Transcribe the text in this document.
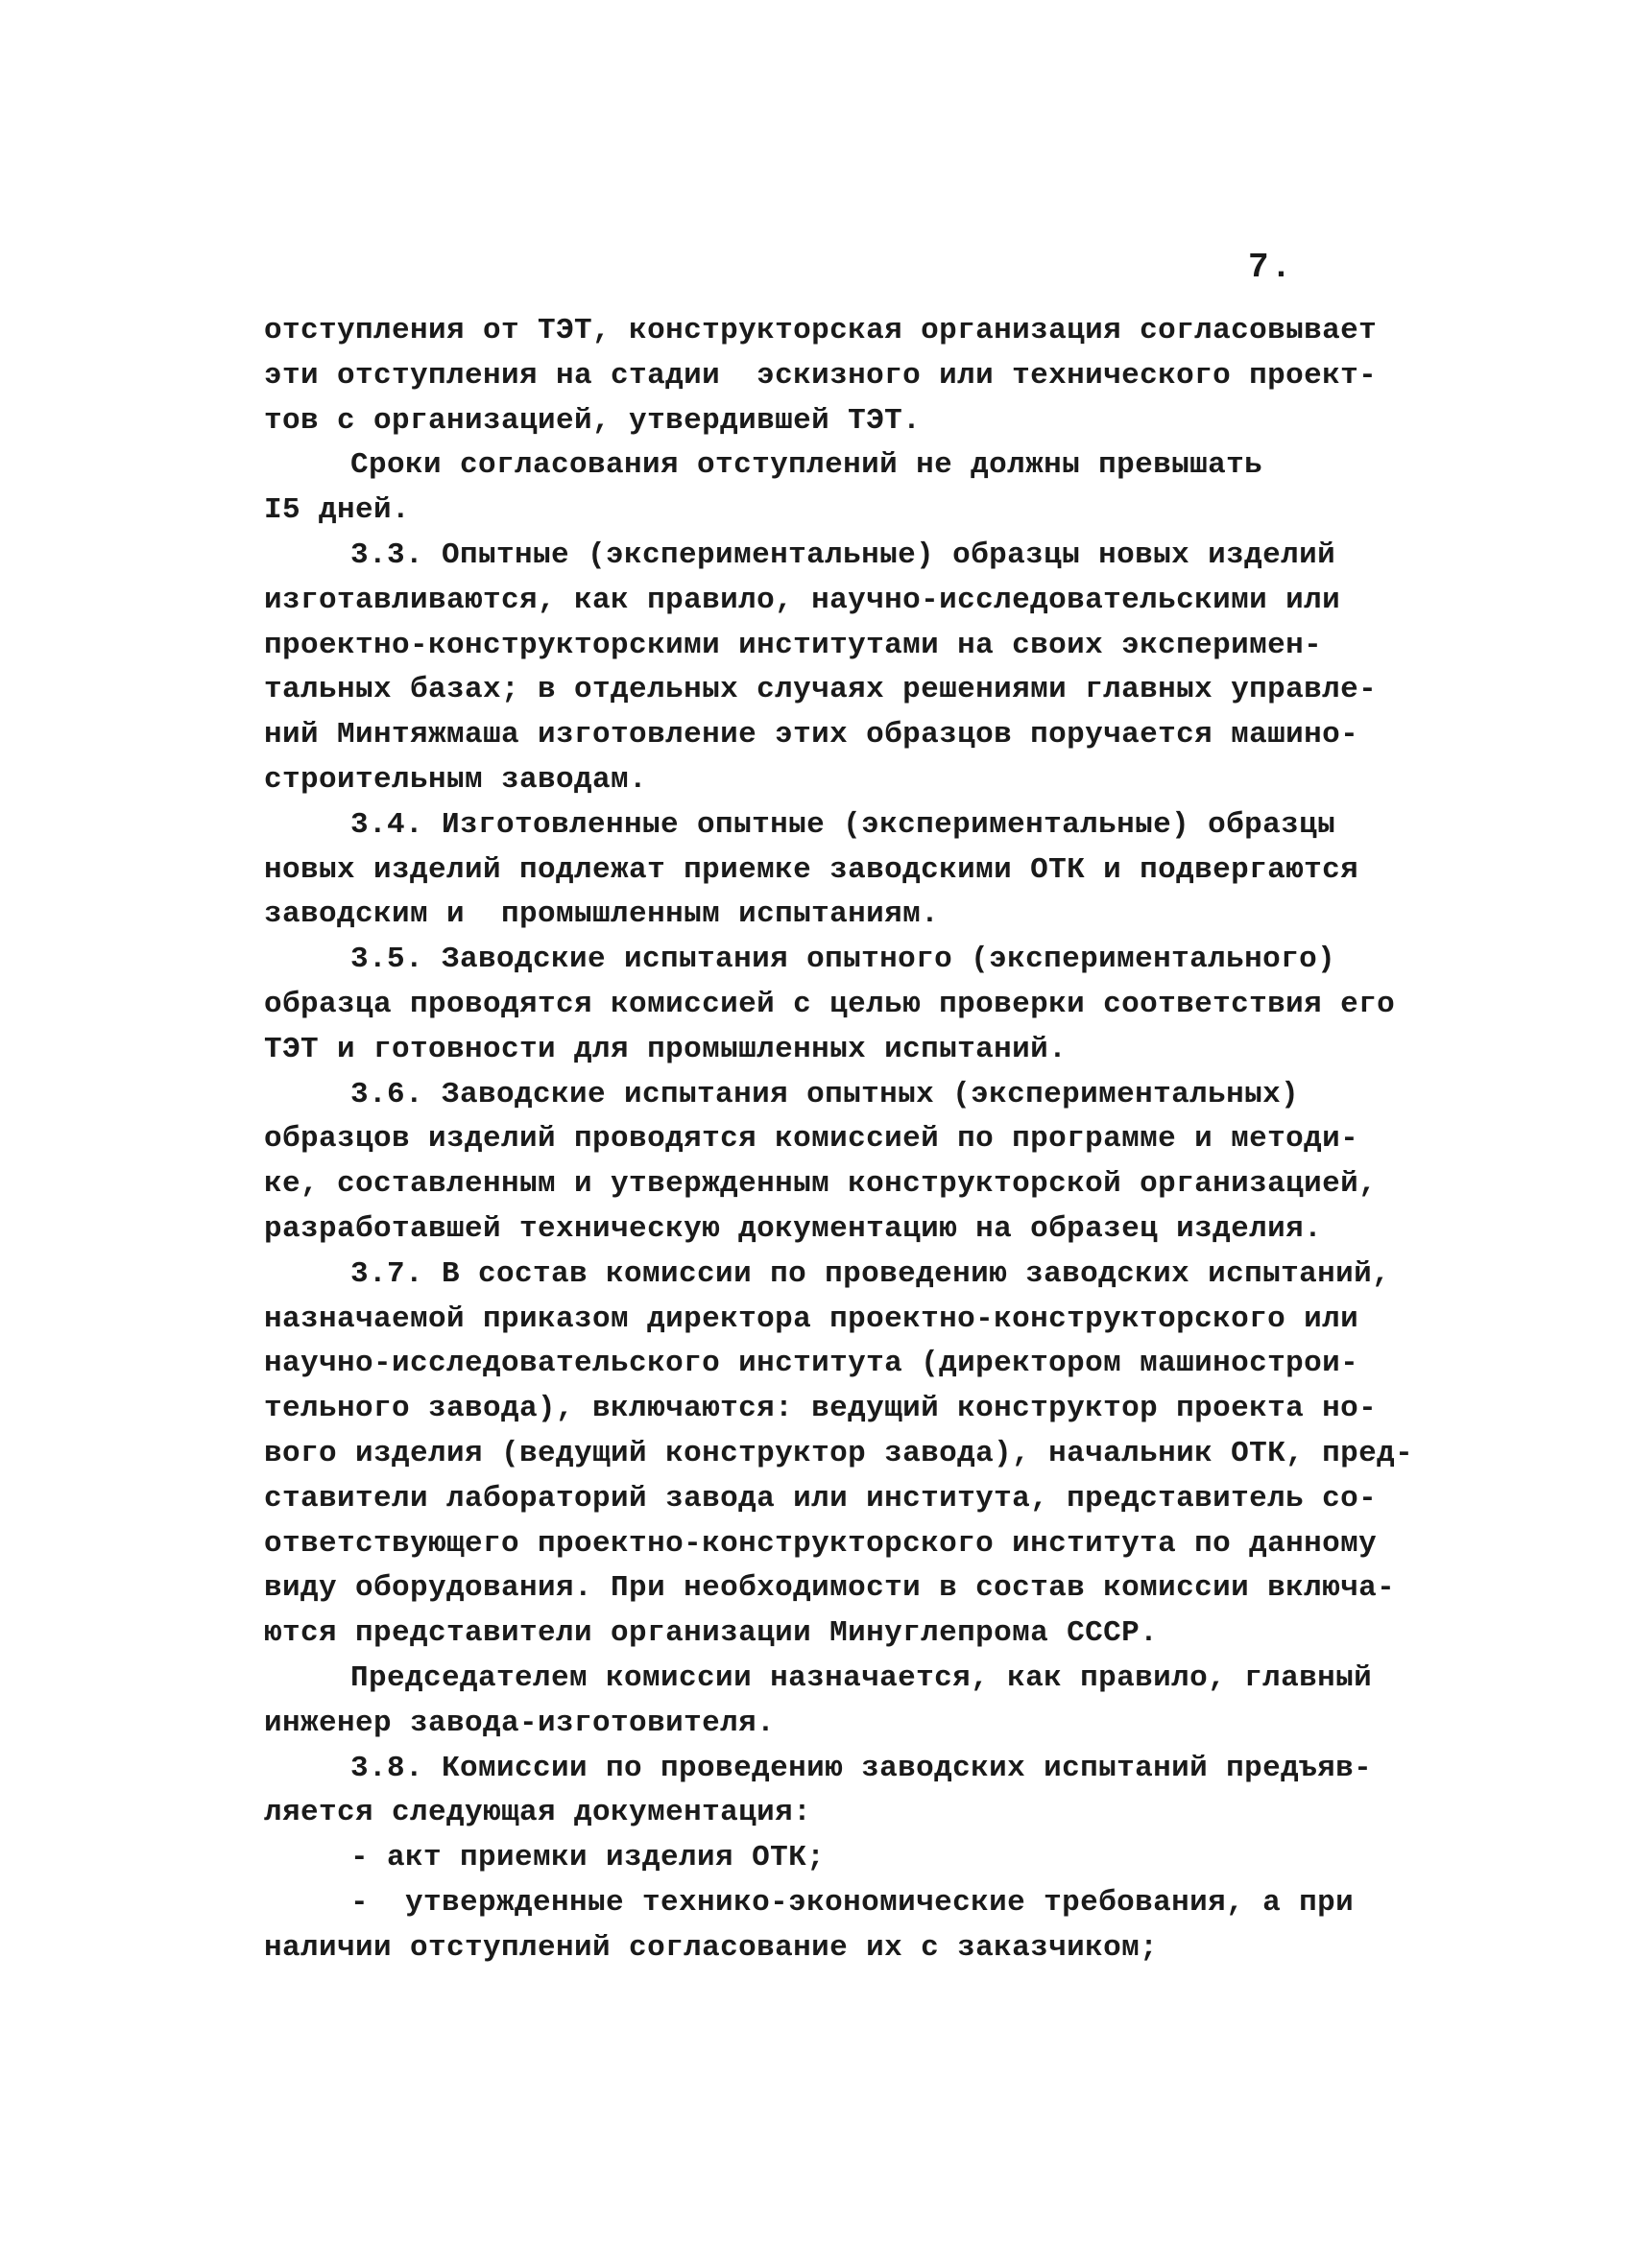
7.
отступления от ТЭТ, конструкторская организация согласовывает
эти отступления на стадии  эскизного или технического проект-
тов с организацией, утвердившей ТЭТ.
Сроки согласования отступлений не должны превышать
I5 дней.
3.3. Опытные (экспериментальные) образцы новых изделий
изготавливаются, как правило, научно-исследовательскими или
проектно-конструкторскими институтами на своих эксперимен-
тальных базах; в отдельных случаях решениями главных управле-
ний Минтяжмаша изготовление этих образцов поручается машино-
строительным заводам.
3.4. Изготовленные опытные (экспериментальные) образцы
новых изделий подлежат приемке заводскими ОТК и подвергаются
заводским и  промышленным испытаниям.
3.5. Заводские испытания опытного (экспериментального)
образца проводятся комиссией с целью проверки соответствия его
ТЭТ и готовности для промышленных испытаний.
3.6. Заводские испытания опытных (экспериментальных)
образцов изделий проводятся комиссией по программе и методи-
ке, составленным и утвержденным конструкторской организацией,
разработавшей техническую документацию на образец изделия.
3.7. В состав комиссии по проведению заводских испытаний,
назначаемой приказом директора проектно-конструкторского или
научно-исследовательского института (директором машинострои-
тельного завода), включаются: ведущий конструктор проекта но-
вого изделия (ведущий конструктор завода), начальник ОТК, пред-
ставители лабораторий завода или института, представитель со-
ответствующего проектно-конструкторского института по данному
виду оборудования. При необходимости в состав комиссии включа-
ются представители организации Минуглепрома СССР.
Председателем комиссии назначается, как правило, главный
инженер завода-изготовителя.
3.8. Комиссии по проведению заводских испытаний предъяв-
ляется следующая документация:
- акт приемки изделия ОТК;
-  утвержденные технико-экономические требования, а при
наличии отступлений согласование их с заказчиком;
